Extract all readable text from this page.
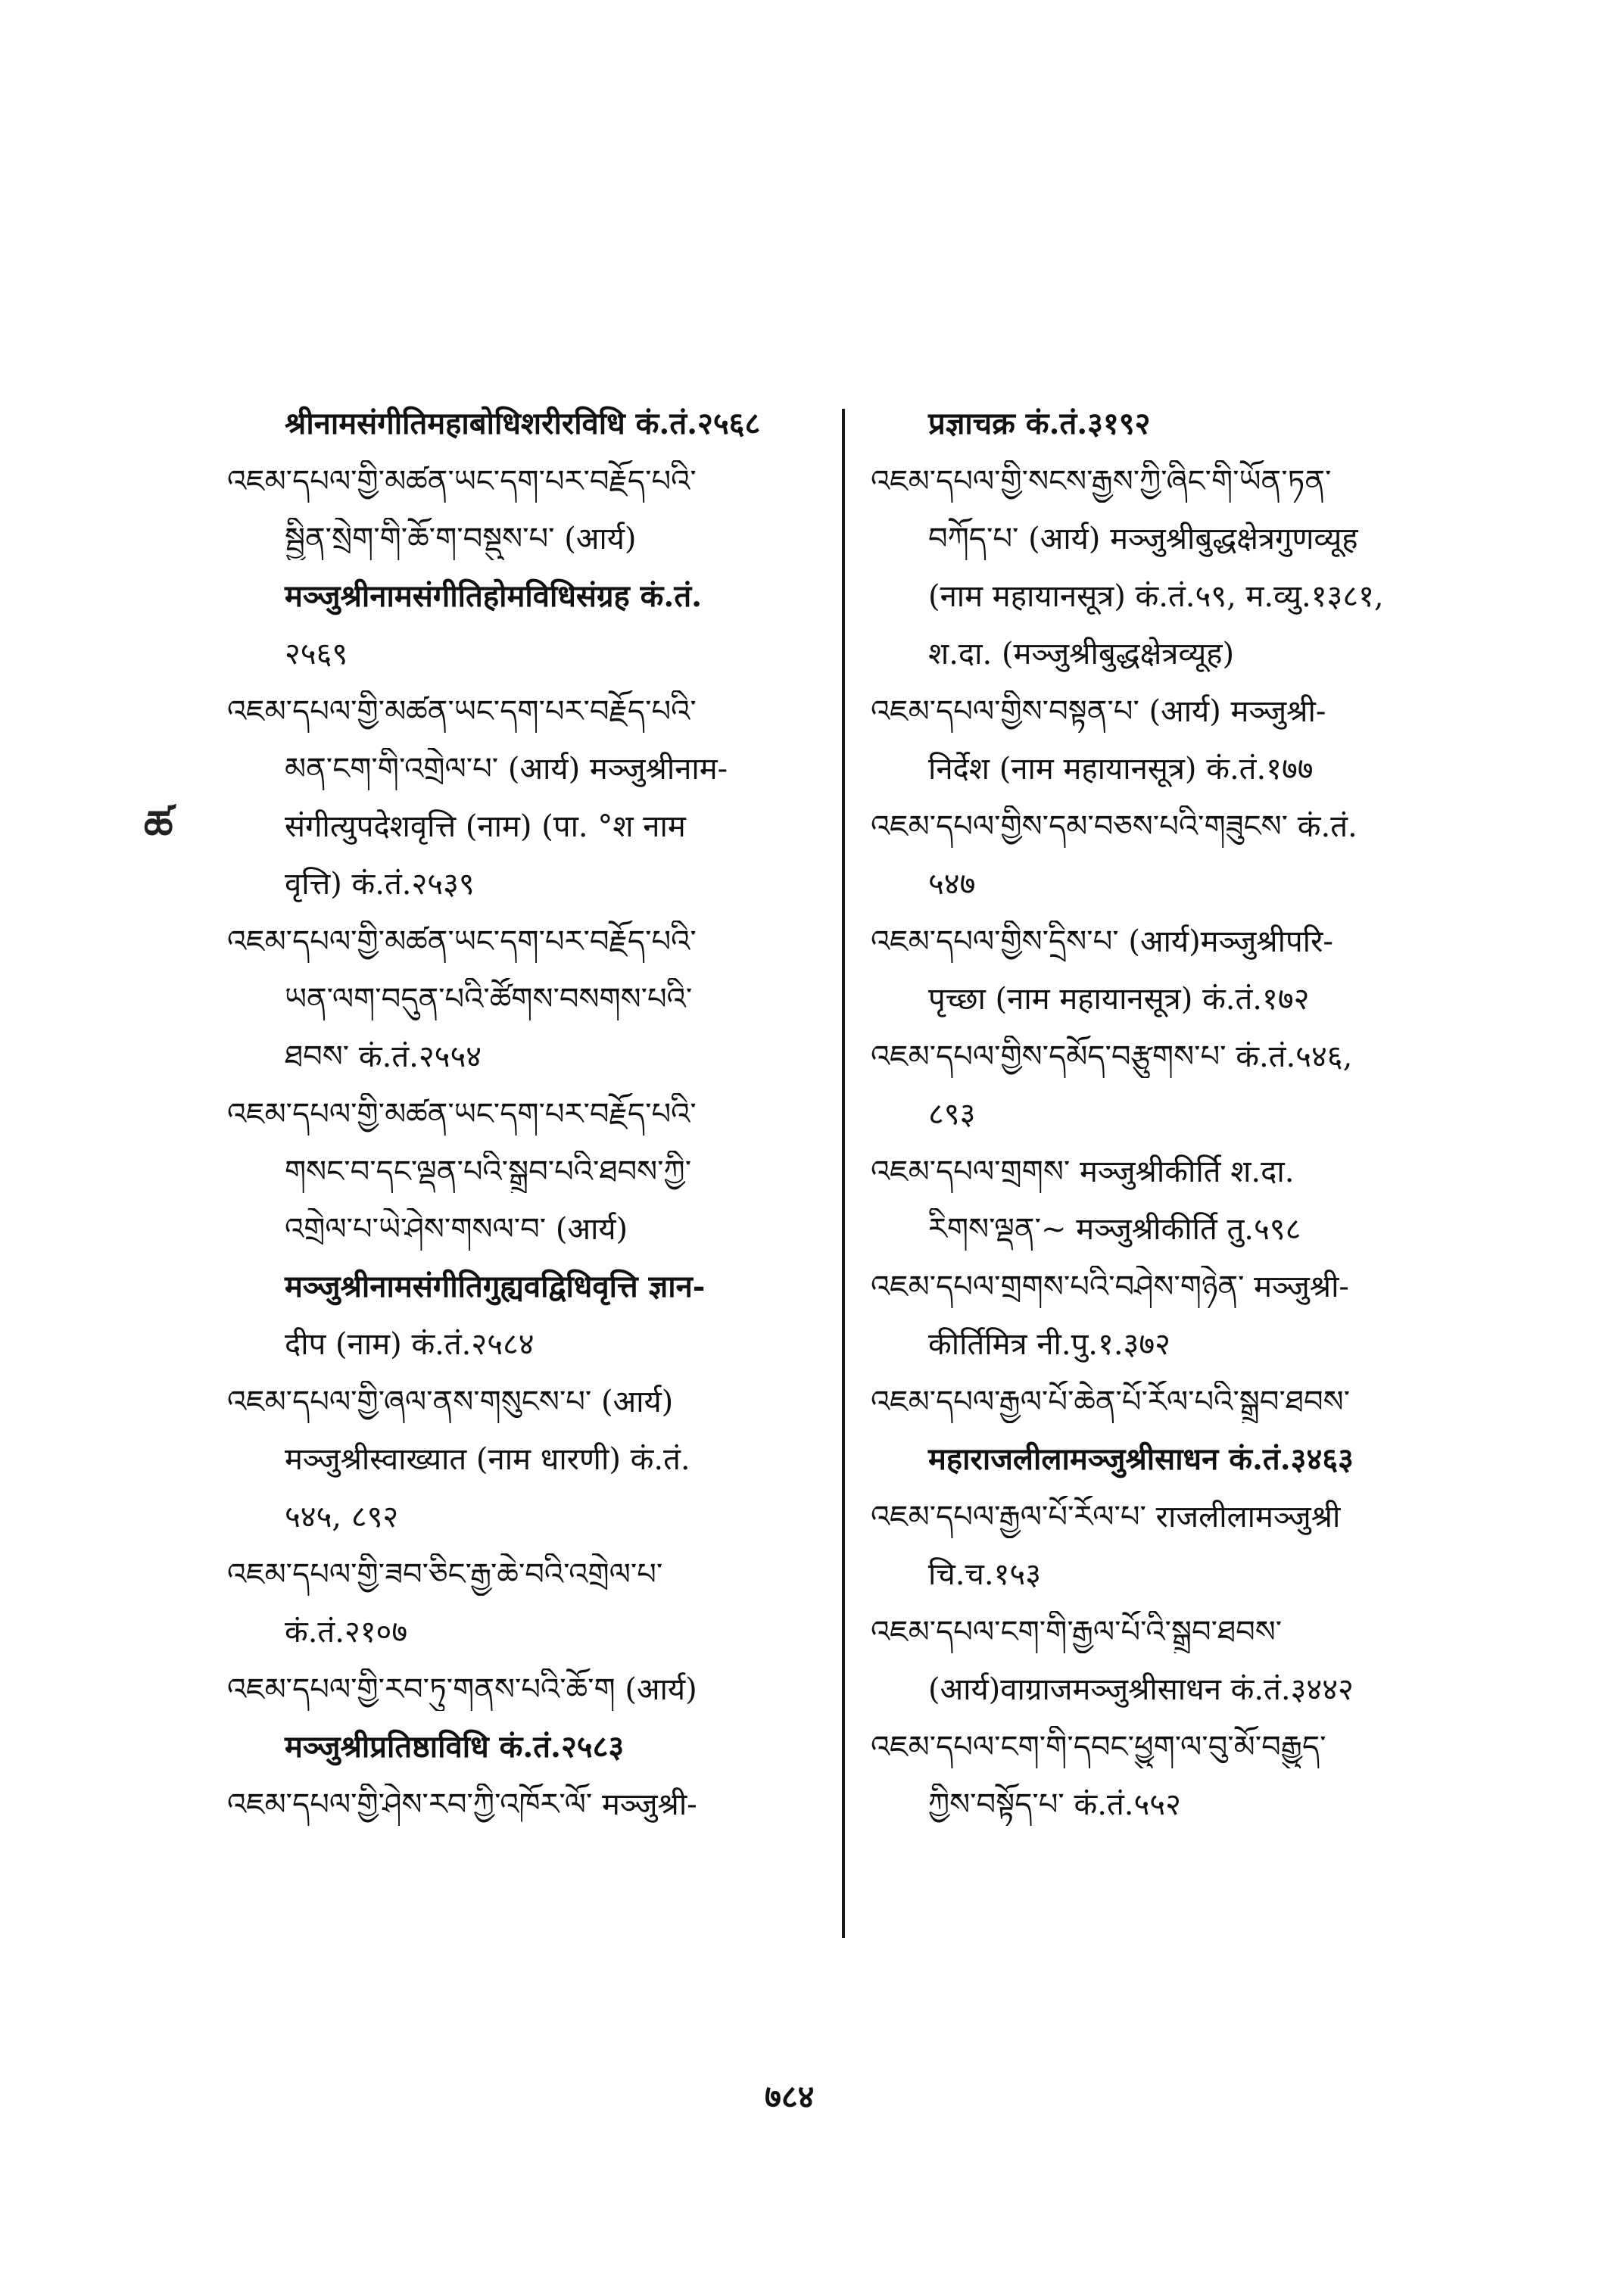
ཚ
श्रीनामसंगीतिमहाबोधिशरीरविधि कं.तं.२५६८
འཇམ་དཔལ་གྱི་མཚན་ཡང་དག་པར་བརྗོད་པའི་
སྦྱིན་སྲེག་གི་ཆོ་ག་བསྡུས་པ་ (आर्य)
मञ्जुश्रीनामसंगीतिहोमविधिसंग्रह कं.तं.
२५६९
འཇམ་དཔལ་གྱི་མཚན་ཡང་དག་པར་བརྗོད་པའི་
མན་ངག་གི་འགྲེལ་པ་ (आर्य) मञ्जुश्रीनाम-
संगीत्युपदेशवृत्ति (नाम) (पा. °श नाम
वृत्ति) कं.तं.२५३९
འཇམ་དཔལ་གྱི་མཚན་ཡང་དག་པར་བརྗོད་པའི་
ཡན་ལག་བདུན་པའི་ཚོགས་བསགས་པའི་
ཐབས་ कं.तं.२५५४
འཇམ་དཔལ་གྱི་མཚན་ཡང་དག་པར་བརྗོད་པའི་
གསང་བ་དང་ལྡན་པའི་སྒྲུབ་པའི་ཐབས་ཀྱི་
འགྲེལ་པ་ཡེ་ཤེས་གསལ་བ་ (आर्य)
मञ्जुश्रीनामसंगीतिगुह्यवद्विधिवृत्ति ज्ञान-
दीप (नाम) कं.तं.२५८४
འཇམ་དཔལ་གྱི་ཞལ་ནས་གསུངས་པ་ (आर्य)
मञ्जुश्रीस्वाख्यात (नाम धारणी) कं.तं.
५४५, ८९२
འཇམ་དཔལ་གྱི་ཟབ་ཅིང་རྒྱ་ཆེ་བའི་འགྲེལ་པ་
कं.तं.२१०७
འཇམ་དཔལ་གྱི་རབ་ཏུ་གནས་པའི་ཆོ་ག (आर्य)
मञ्जुश्रीप्रतिष्ठाविधि कं.तं.२५८३
འཇམ་དཔལ་གྱི་ཤེས་རབ་ཀྱི་འཁོར་ལོ་ मञ्जुश्री-
प्रज्ञाचक्र कं.तं.३१९२
འཇམ་དཔལ་གྱི་སངས་རྒྱས་ཀྱི་ཞིང་གི་ཡོན་ཏན་
བཀོད་པ་ (आर्य) मञ्जुश्रीबुद्धक्षेत्रगुणव्यूह
(नाम महायानसूत्र) कं.तं.५९, म.व्यु.१३८१,
श.दा. (मञ्जुश्रीबुद्धक्षेत्रव्यूह)
འཇམ་དཔལ་གྱིས་བསྟན་པ་ (आर्य) मञ्जुश्री-
निर्देश (नाम महायानसूत्र) कं.तं.१७७
འཇམ་དཔལ་གྱིས་དམ་བཅས་པའི་གཟུངས་ कं.तं.
५४७
འཇམ་དཔལ་གྱིས་དྲིས་པ་ (आर्य)मञ्जुश्रीपरि-
पृच्छा (नाम महायानसूत्र) कं.तं.१७२
འཇམ་དཔལ་གྱིས་དམོད་བརྩུགས་པ་ कं.तं.५४६,
८९३
འཇམ་དཔལ་གྲགས་ मञ्जुश्रीकीर्ति श.दा.
རིགས་ལྡན་~ मञ्जुश्रीकीर्ति तु.५९८
འཇམ་དཔལ་གྲགས་པའི་བཤེས་གཉེན་ मञ्जुश्री-
कीर्तिमित्र नी.पु.१.३७२
འཇམ་དཔལ་རྒྱལ་པོ་ཆེན་པོ་རོལ་པའི་སྒྲུབ་ཐབས་
महाराजलीलामञ्जुश्रीसाधन कं.तं.३४६३
འཇམ་དཔལ་རྒྱལ་པོ་རོལ་པ་ राजलीलामञ्जुश्री
चि.च.१५३
འཇམ་དཔལ་ངག་གི་རྒྱལ་པོ་འི་སྒྲུབ་ཐབས་
(आर्य)वाग्राजमञ्जुश्रीसाधन कं.तं.३४४२
འཇམ་དཔལ་ངག་གི་དབང་ཕྱུག་ལ་བུ་མོ་བརྒྱུད་
ཀྱིས་བསྟོད་པ་ कं.तं.५५२
७८४
